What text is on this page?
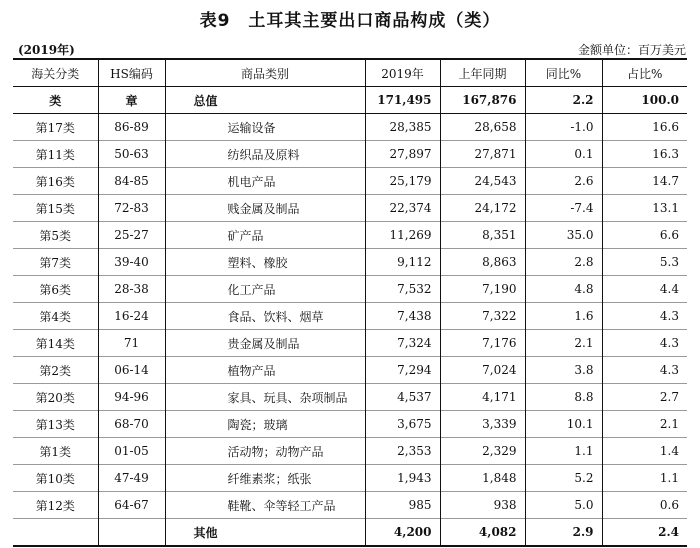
表9　土耳其主要出口商品构成（类）
(2019年)	金额单位：百万美元
海关分类	HS编码	商品类别	2019年	上年同期	同比%	占比%
类	章	总值	171,495	167,876	2.2	100.0
第17类	86-89	运输设备	28,385	28,658	-1.0	16.6
第11类	50-63	纺织品及原料	27,897	27,871	0.1	16.3
第16类	84-85	机电产品	25,179	24,543	2.6	14.7
第15类	72-83	贱金属及制品	22,374	24,172	-7.4	13.1
第5类	25-27	矿产品	11,269	8,351	35.0	6.6
第7类	39-40	塑料、橡胶	9,112	8,863	2.8	5.3
第6类	28-38	化工产品	7,532	7,190	4.8	4.4
第4类	16-24	食品、饮料、烟草	7,438	7,322	1.6	4.3
第14类	71	贵金属及制品	7,324	7,176	2.1	4.3
第2类	06-14	植物产品	7,294	7,024	3.8	4.3
第20类	94-96	家具、玩具、杂项制品	4,537	4,171	8.8	2.7
第13类	68-70	陶瓷；玻璃	3,675	3,339	10.1	2.1
第1类	01-05	活动物；动物产品	2,353	2,329	1.1	1.4
第10类	47-49	纤维素浆；纸张	1,943	1,848	5.2	1.1
第12类	64-67	鞋靴、伞等轻工产品	985	938	5.0	0.6
		其他	4,200	4,082	2.9	2.4
